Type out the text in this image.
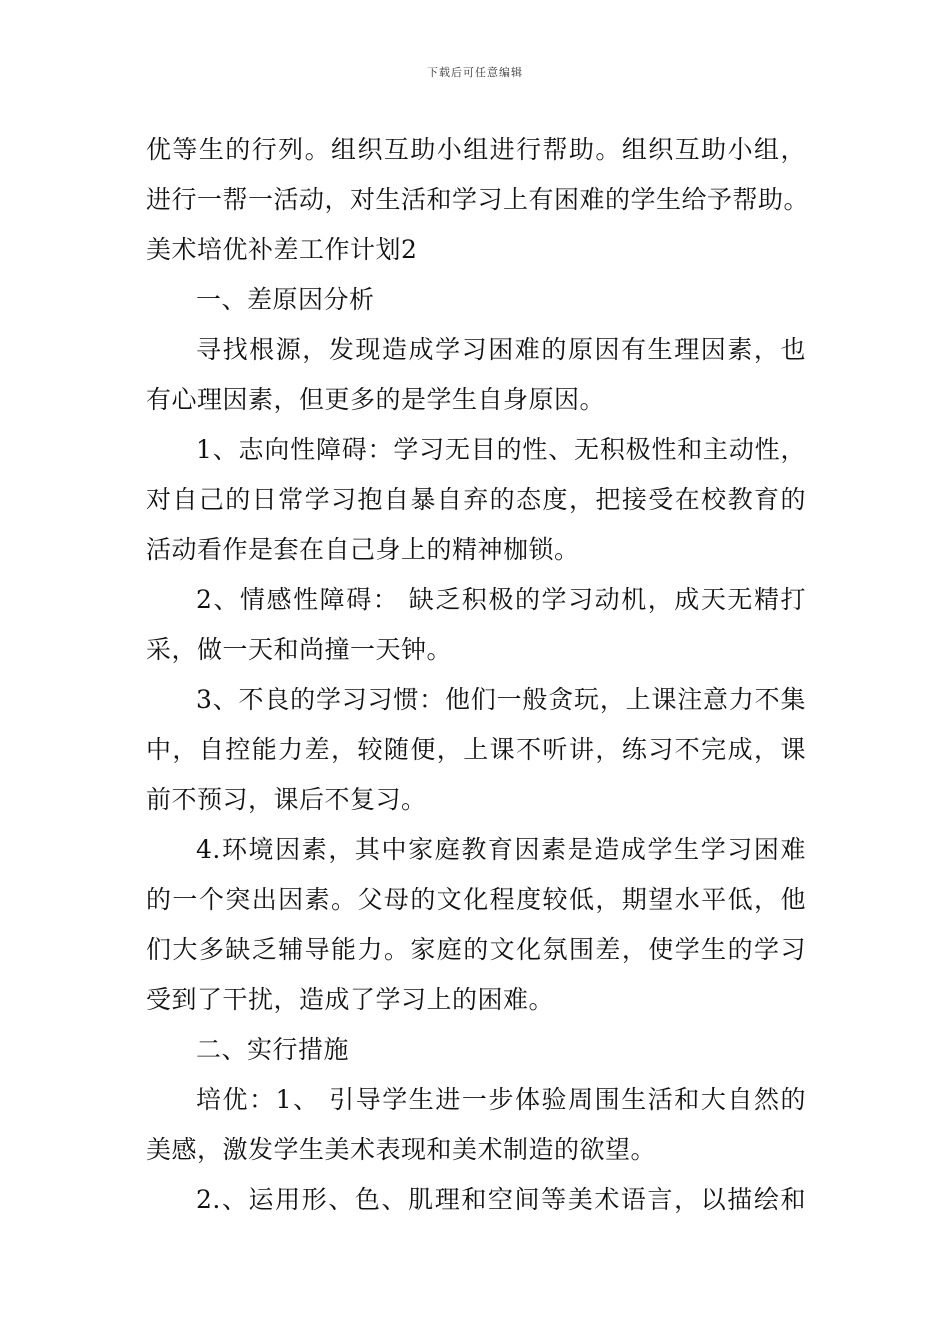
下载后可任意编辑
优等生的行列。组织互助小组进行帮助。组织互助小组，
进行一帮一活动，对生活和学习上有困难的学生给予帮助。
美术培优补差工作计划2
一、差原因分析
寻找根源，发现造成学习困难的原因有生理因素，也
有心理因素，但更多的是学生自身原因。
1、志向性障碍：学习无目的性、无积极性和主动性，
对自己的日常学习抱自暴自弃的态度，把接受在校教育的
活动看作是套在自己身上的精神枷锁。
2、情感性障碍： 缺乏积极的学习动机，成天无精打
采，做一天和尚撞一天钟。
3、不良的学习习惯：他们一般贪玩，上课注意力不集
中，自控能力差，较随便，上课不听讲，练习不完成，课
前不预习，课后不复习。
4.环境因素，其中家庭教育因素是造成学生学习困难
的一个突出因素。父母的文化程度较低，期望水平低，他
们大多缺乏辅导能力。家庭的文化氛围差，使学生的学习
受到了干扰，造成了学习上的困难。
二、实行措施
培优：1、 引导学生进一步体验周围生活和大自然的
美感，激发学生美术表现和美术制造的欲望。
2.、运用形、色、肌理和空间等美术语言，以描绘和
